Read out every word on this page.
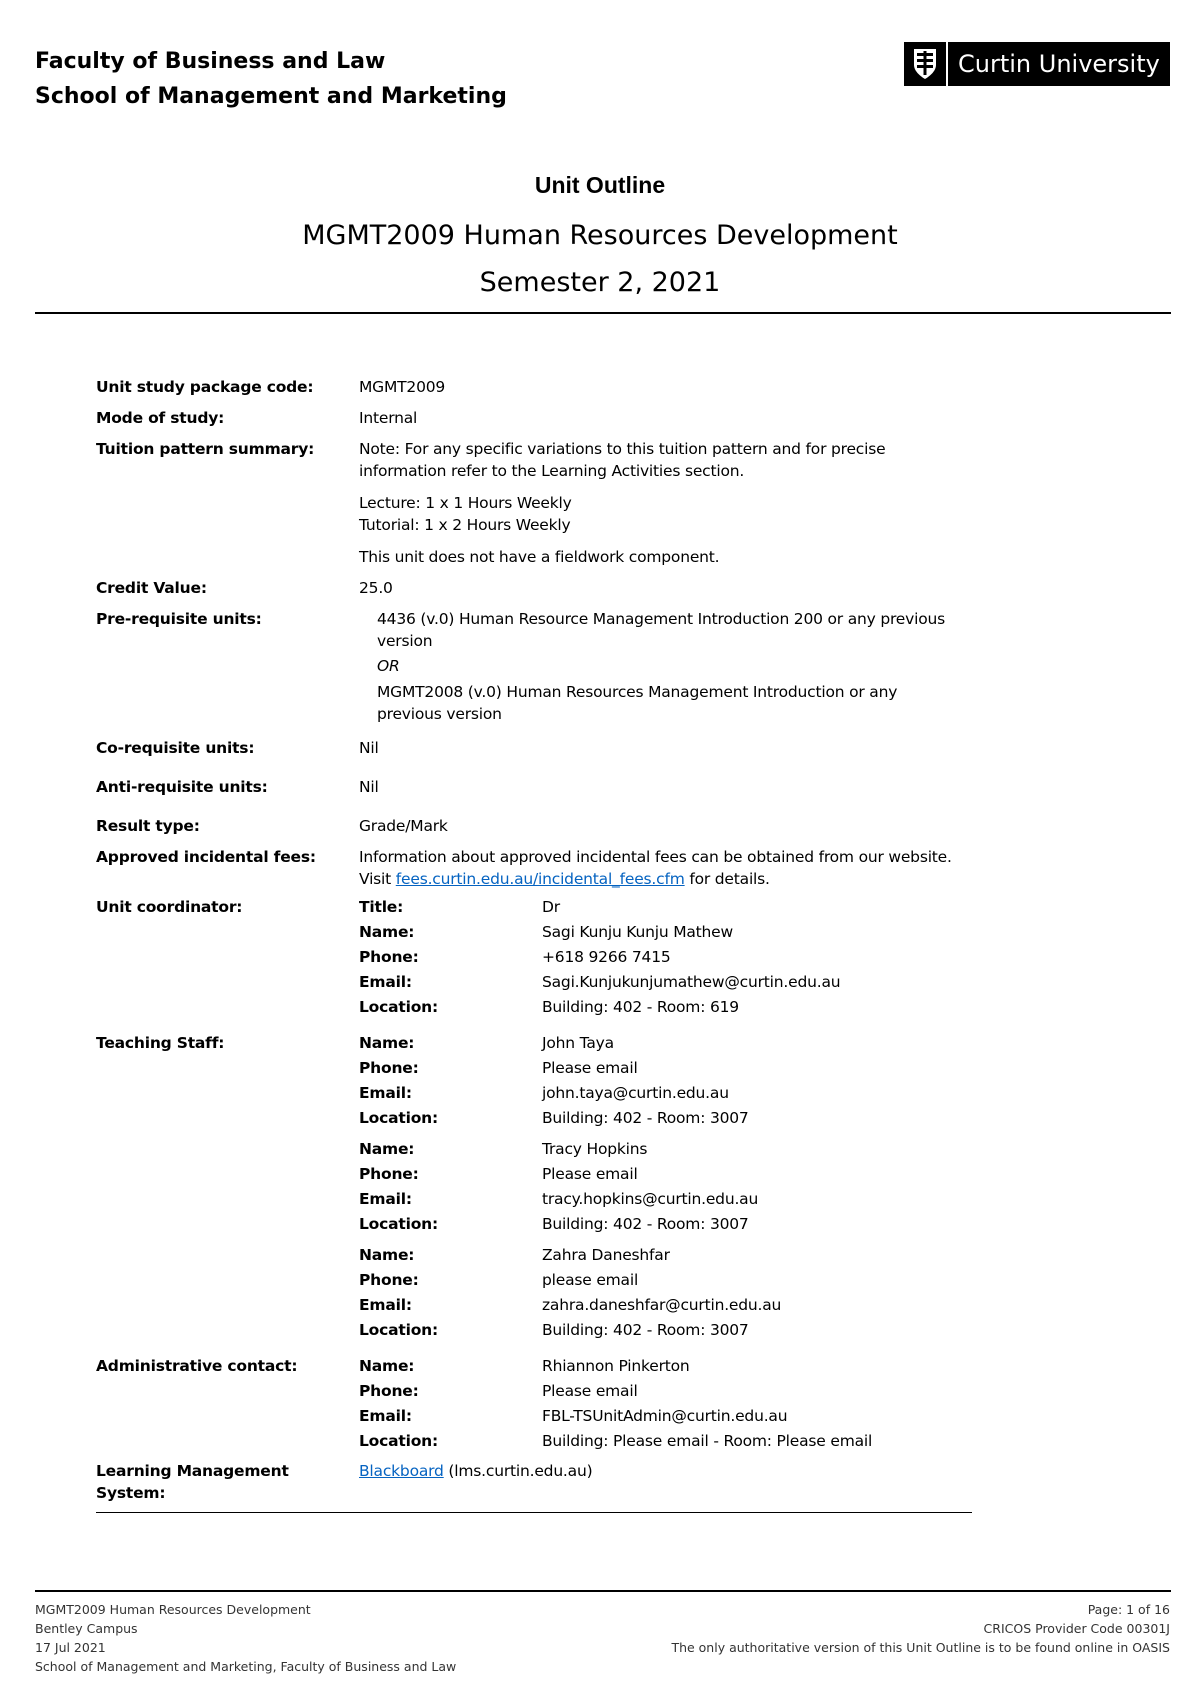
Faculty of Business and Law
School of Management and Marketing
Curtin University
Unit Outline
MGMT2009 Human Resources Development
Semester 2, 2021
Unit study package code:	MGMT2009
Mode of study:	Internal
Tuition pattern summary:	Note: For any specific variations to this tuition pattern and for precise
information refer to the Learning Activities section.
Lecture: 1 x 1 Hours Weekly
Tutorial: 1 x 2 Hours Weekly
This unit does not have a fieldwork component.
Credit Value:	25.0
Pre-requisite units:	4436 (v.0) Human Resource Management Introduction 200 or any previous
version
OR
MGMT2008 (v.0) Human Resources Management Introduction or any
previous version
Co-requisite units:	Nil
Anti-requisite units:	Nil
Result type:	Grade/Mark
Approved incidental fees:	Information about approved incidental fees can be obtained from our website.
Visit fees.curtin.edu.au/incidental_fees.cfm for details.
Unit coordinator:	Title:	Dr
Name:	Sagi Kunju Kunju Mathew
Phone:	+618 9266 7415
Email:	Sagi.Kunjukunjumathew@curtin.edu.au
Location:	Building: 402 - Room: 619
Teaching Staff:	Name:	John Taya
Phone:	Please email
Email:	john.taya@curtin.edu.au
Location:	Building: 402 - Room: 3007
Name:	Tracy Hopkins
Phone:	Please email
Email:	tracy.hopkins@curtin.edu.au
Location:	Building: 402 - Room: 3007
Name:	Zahra Daneshfar
Phone:	please email
Email:	zahra.daneshfar@curtin.edu.au
Location:	Building: 402 - Room: 3007
Administrative contact:	Name:	Rhiannon Pinkerton
Phone:	Please email
Email:	FBL-TSUnitAdmin@curtin.edu.au
Location:	Building: Please email - Room: Please email
Learning Management System:
Blackboard (lms.curtin.edu.au)
MGMT2009 Human Resources Development
Bentley Campus
17 Jul 2021
School of Management and Marketing, Faculty of Business and Law
Page: 1 of 16
CRICOS Provider Code 00301J
The only authoritative version of this Unit Outline is to be found online in OASIS
